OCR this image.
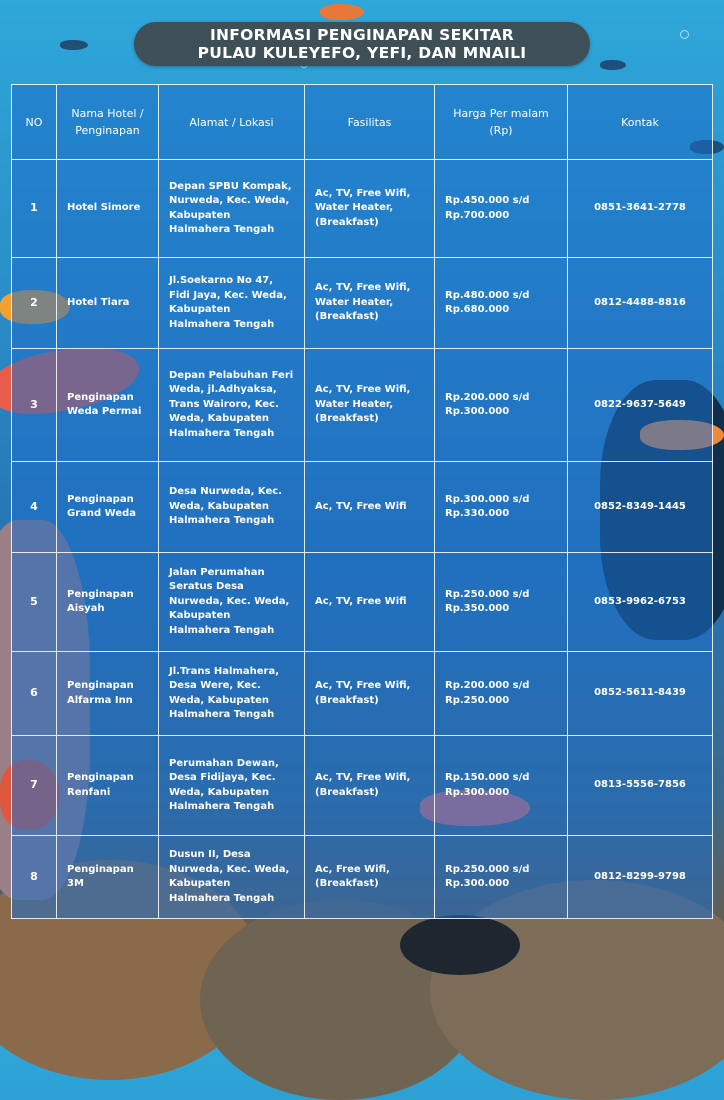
INFORMASI PENGINAPAN SEKITAR
PULAU KULEYEFO, YEFI, DAN MNAILI
NO	Nama Hotel / Penginapan	Alamat / Lokasi	Fasilitas	Harga Per malam (Rp)	Kontak
1	Hotel Simore	Depan SPBU Kompak, Nurweda, Kec. Weda, Kabupaten Halmahera Tengah	Ac, TV, Free Wifi, Water Heater, (Breakfast)	Rp.450.000 s/d Rp.700.000	0851-3641-2778
2	Hotel Tiara	Jl.Soekarno No 47, Fidi Jaya, Kec. Weda, Kabupaten Halmahera Tengah	Ac, TV, Free Wifi, Water Heater, (Breakfast)	Rp.480.000 s/d Rp.680.000	0812-4488-8816
3	Penginapan Weda Permai	Depan Pelabuhan Feri Weda, jl.Adhyaksa, Trans Wairoro, Kec. Weda, Kabupaten Halmahera Tengah	Ac, TV, Free Wifi, Water Heater, (Breakfast)	Rp.200.000 s/d Rp.300.000	0822-9637-5649
4	Penginapan Grand Weda	Desa Nurweda, Kec. Weda, Kabupaten Halmahera Tengah	Ac, TV, Free Wifi	Rp.300.000 s/d Rp.330.000	0852-8349-1445
5	Penginapan Aisyah	Jalan Perumahan Seratus Desa Nurweda, Kec. Weda, Kabupaten Halmahera Tengah	Ac, TV, Free Wifi	Rp.250.000 s/d Rp.350.000	0853-9962-6753
6	Penginapan Alfarma Inn	Jl.Trans Halmahera, Desa Were, Kec. Weda, Kabupaten Halmahera Tengah	Ac, TV, Free Wifi, (Breakfast)	Rp.200.000 s/d Rp.250.000	0852-5611-8439
7	Penginapan Renfani	Perumahan Dewan, Desa Fidijaya, Kec. Weda, Kabupaten Halmahera Tengah	Ac, TV, Free Wifi, (Breakfast)	Rp.150.000 s/d Rp.300.000	0813-5556-7856
8	Penginapan 3M	Dusun II, Desa Nurweda, Kec. Weda, Kabupaten Halmahera Tengah	Ac, Free Wifi, (Breakfast)	Rp.250.000 s/d Rp.300.000	0812-8299-9798
